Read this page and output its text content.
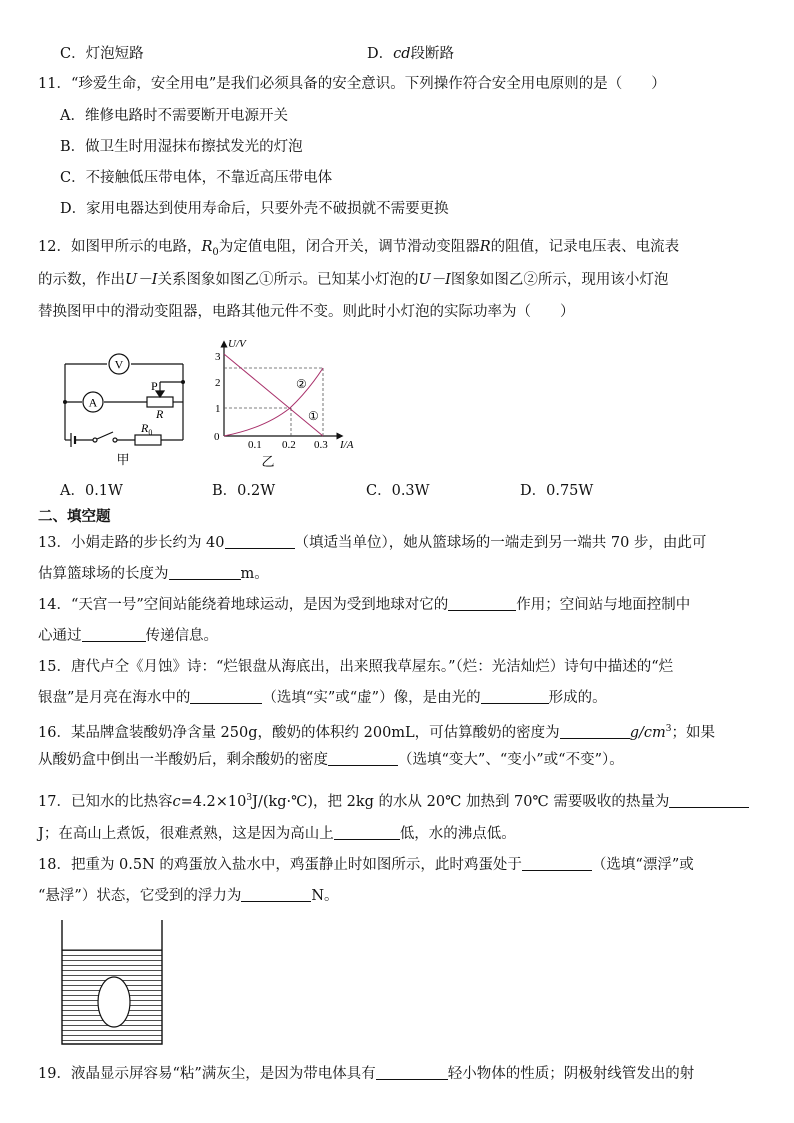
C．灯泡短路	D．cd段断路
11．“珍爱生命，安全用电”是我们必须具备的安全意识。下列操作符合安全用电原则的是（　　）
A．维修电路时不需要断开电源开关
B．做卫生时用湿抹布擦拭发光的灯泡
C．不接触低压带电体，不靠近高压带电体
D．家用电器达到使用寿命后，只要外壳不破损就不需要更换
12．如图甲所示的电路，$R_0$为定值电阻，闭合开关，调节滑动变阻器R的阻值，记录电压表、电流表
的示数，作出U－I关系图象如图乙①所示。已知某小灯泡的U－I图象如图乙②所示，现用该小灯泡
替换图甲中的滑动变阻器，电路其他元件不变。则此时小灯泡的实际功率为（　　）
V
A
P
R
$R_0$
甲
0
1
2
3
0.1 0.2 0.3
U/V
I/A
②
①
乙
A．0.1W	B．0.2W	C．0.3W	D．0.75W
二、填空题
13．小娟走路的步长约为 40	（填适当单位），她从篮球场的一端走到另一端共 70 步，由此可
估算篮球场的长度为	m。
14．“天宫一号”空间站能绕着地球运动，是因为受到地球对它的	作用；空间站与地面控制中
心通过	传递信息。
15．唐代卢仝《月蚀》诗：“烂银盘从海底出，出来照我草屋东。”（烂：光洁灿烂）诗句中描述的“烂
银盘”是月亮在海水中的	（选填“实”或“虚”）像，是由光的	形成的。
16．某品牌盒装酸奶净含量 250g，酸奶的体积约 200mL，可估算酸奶的密度为	$g/cm^3$；如果
从酸奶盒中倒出一半酸奶后，剩余酸奶的密度	（选填“变大”、“变小”或“不变”）。
17．已知水的比热容$c=4.2\times 10^3J/(kg\cdot℃)$，把 2kg 的水从 20℃ 加热到 70℃ 需要吸收的热量为
J；在高山上煮饭，很难煮熟，这是因为高山上	低，水的沸点低。
18．把重为 0.5N 的鸡蛋放入盐水中，鸡蛋静止时如图所示，此时鸡蛋处于	（选填“漂浮”或
“悬浮”）状态，它受到的浮力为	N。
19．液晶显示屏容易“粘”满灰尘，是因为带电体具有	轻小物体的性质；阴极射线管发出的射
